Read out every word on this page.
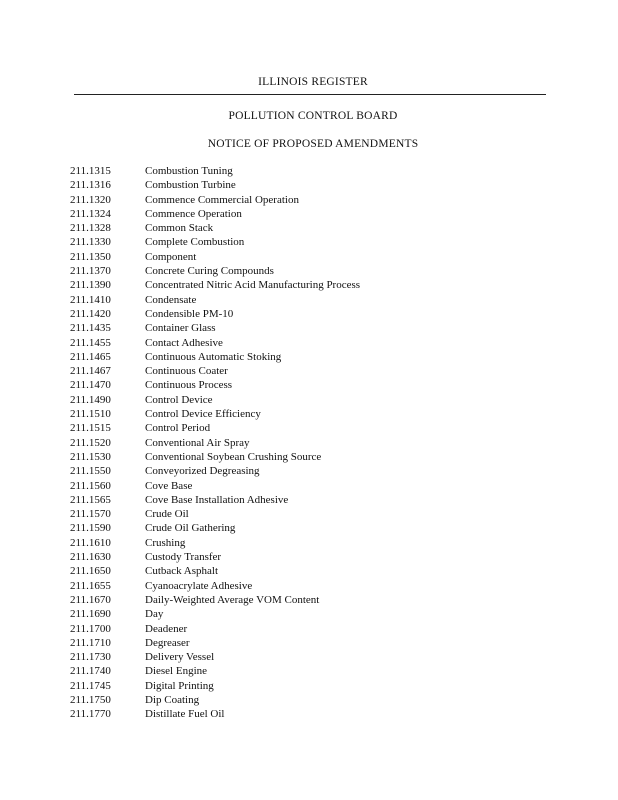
ILLINOIS REGISTER
POLLUTION CONTROL BOARD
NOTICE OF PROPOSED AMENDMENTS
211.1315	Combustion Tuning
211.1316	Combustion Turbine
211.1320	Commence Commercial Operation
211.1324	Commence Operation
211.1328	Common Stack
211.1330	Complete Combustion
211.1350	Component
211.1370	Concrete Curing Compounds
211.1390	Concentrated Nitric Acid Manufacturing Process
211.1410	Condensate
211.1420	Condensible PM-10
211.1435	Container Glass
211.1455	Contact Adhesive
211.1465	Continuous Automatic Stoking
211.1467	Continuous Coater
211.1470	Continuous Process
211.1490	Control Device
211.1510	Control Device Efficiency
211.1515	Control Period
211.1520	Conventional Air Spray
211.1530	Conventional Soybean Crushing Source
211.1550	Conveyorized Degreasing
211.1560	Cove Base
211.1565	Cove Base Installation Adhesive
211.1570	Crude Oil
211.1590	Crude Oil Gathering
211.1610	Crushing
211.1630	Custody Transfer
211.1650	Cutback Asphalt
211.1655	Cyanoacrylate Adhesive
211.1670	Daily-Weighted Average VOM Content
211.1690	Day
211.1700	Deadener
211.1710	Degreaser
211.1730	Delivery Vessel
211.1740	Diesel Engine
211.1745	Digital Printing
211.1750	Dip Coating
211.1770	Distillate Fuel Oil
